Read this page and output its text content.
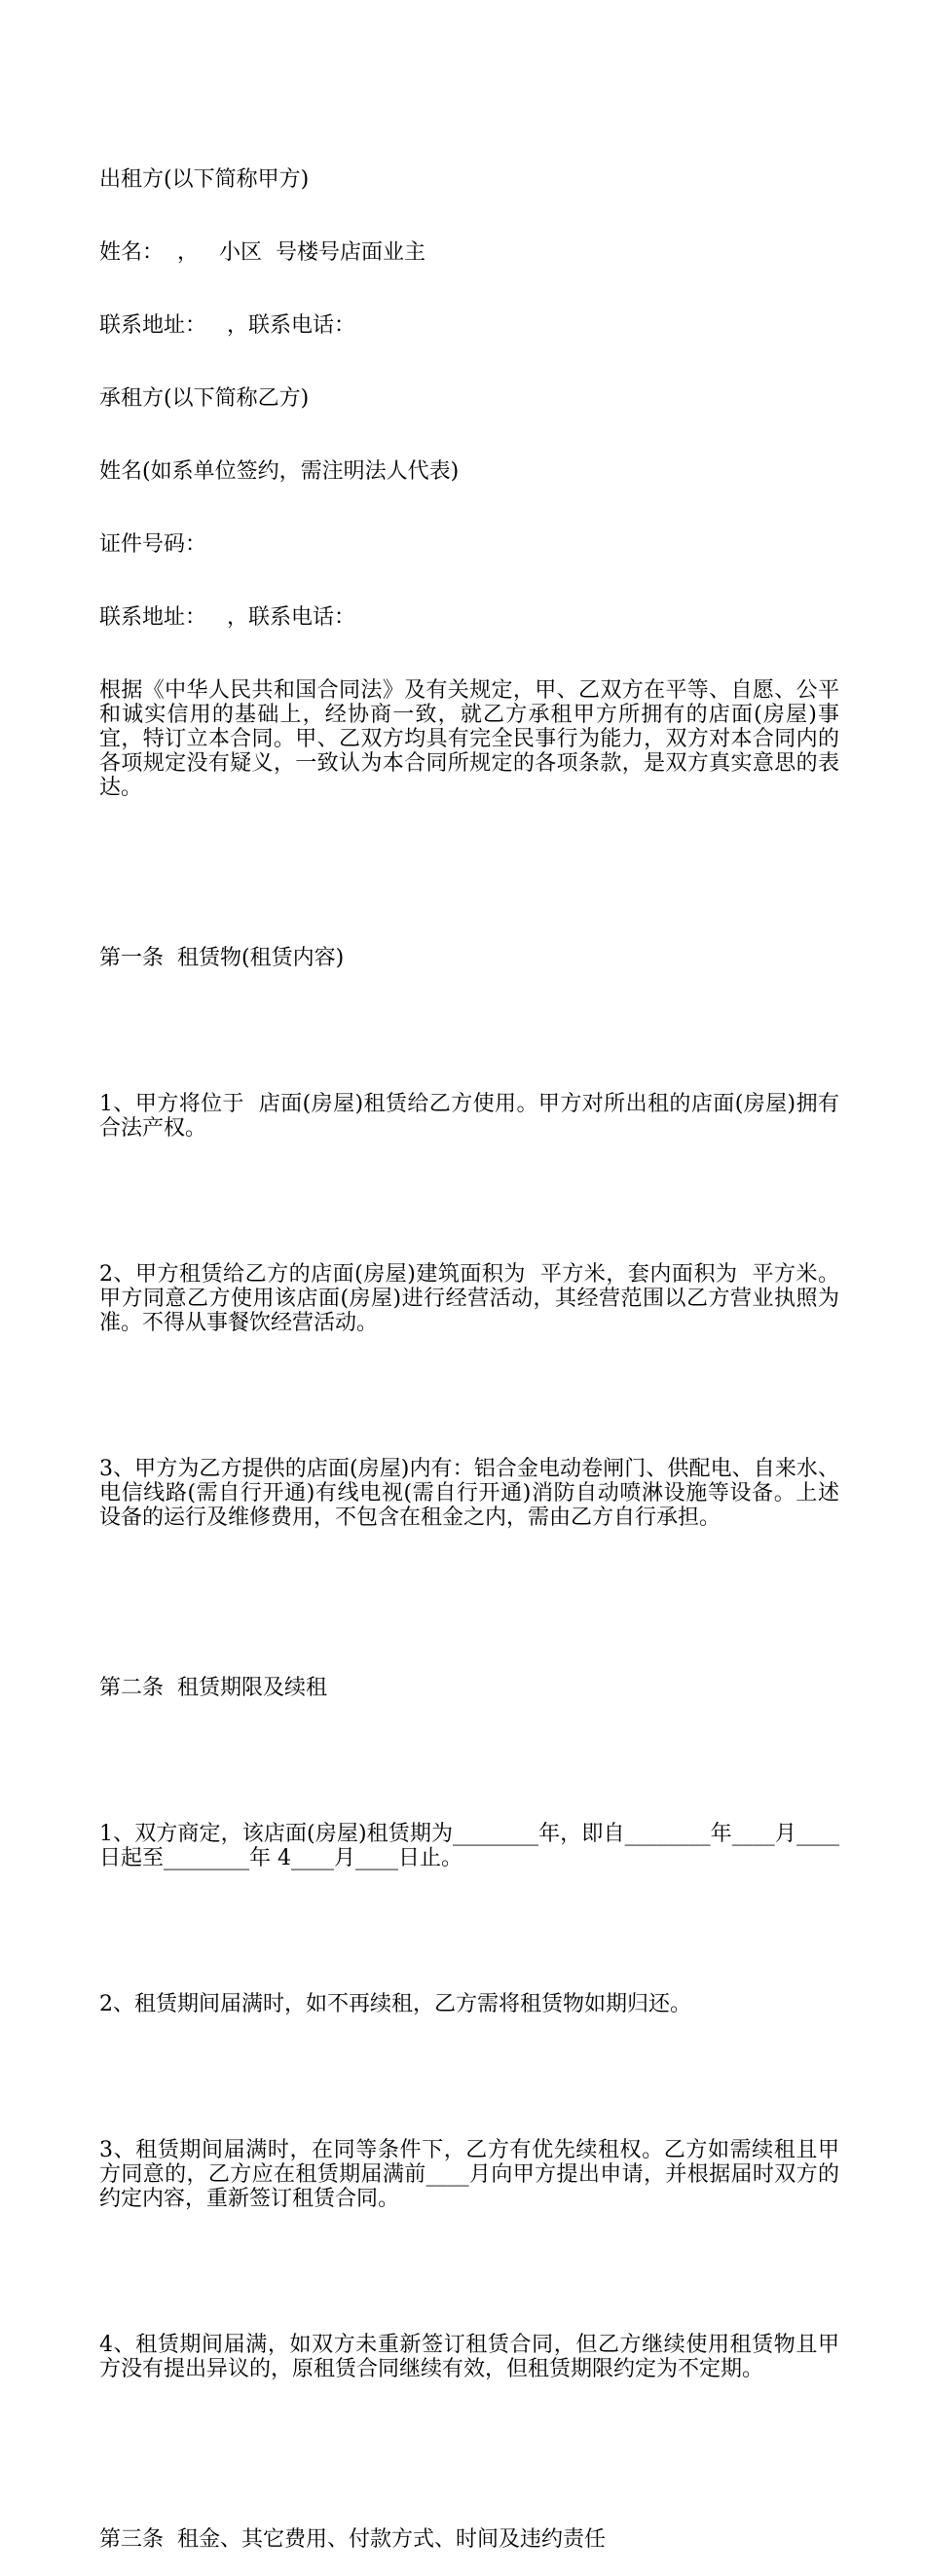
出租方(以下简称甲方)

姓名：  ，   小区  号楼号店面业主

联系地址：   ，联系电话：

承租方(以下简称乙方)

姓名(如系单位签约，需注明法人代表)

证件号码：

联系地址：   ，联系电话：

根据《中华人民共和国合同法》及有关规定，甲、乙双方在平等、自愿、公平和诚实信用的基础上，经协商一致，就乙方承租甲方所拥有的店面(房屋)事宜，特订立本合同。甲、乙双方均具有完全民事行为能力，双方对本合同内的各项规定没有疑义，一致认为本合同所规定的各项条款，是双方真实意思的表达。

第一条  租赁物(租赁内容)

1、甲方将位于  店面(房屋)租赁给乙方使用。甲方对所出租的店面(房屋)拥有合法产权。

2、甲方租赁给乙方的店面(房屋)建筑面积为  平方米，套内面积为  平方米。甲方同意乙方使用该店面(房屋)进行经营活动，其经营范围以乙方营业执照为准。不得从事餐饮经营活动。

3、甲方为乙方提供的店面(房屋)内有：铝合金电动卷闸门、供配电、自来水、电信线路(需自行开通)有线电视(需自行开通)消防自动喷淋设施等设备。上述设备的运行及维修费用，不包含在租金之内，需由乙方自行承担。

第二条  租赁期限及续租

1、双方商定，该店面(房屋)租赁期为________年，即自________年____月____日起至________年 4____月____日止。

2、租赁期间届满时，如不再续租，乙方需将租赁物如期归还。

3、租赁期间届满时，在同等条件下，乙方有优先续租权。乙方如需续租且甲方同意的，乙方应在租赁期届满前____月向甲方提出申请，并根据届时双方的约定内容，重新签订租赁合同。

4、租赁期间届满，如双方未重新签订租赁合同，但乙方继续使用租赁物且甲方没有提出异议的，原租赁合同继续有效，但租赁期限约定为不定期。

第三条  租金、其它费用、付款方式、时间及违约责任
